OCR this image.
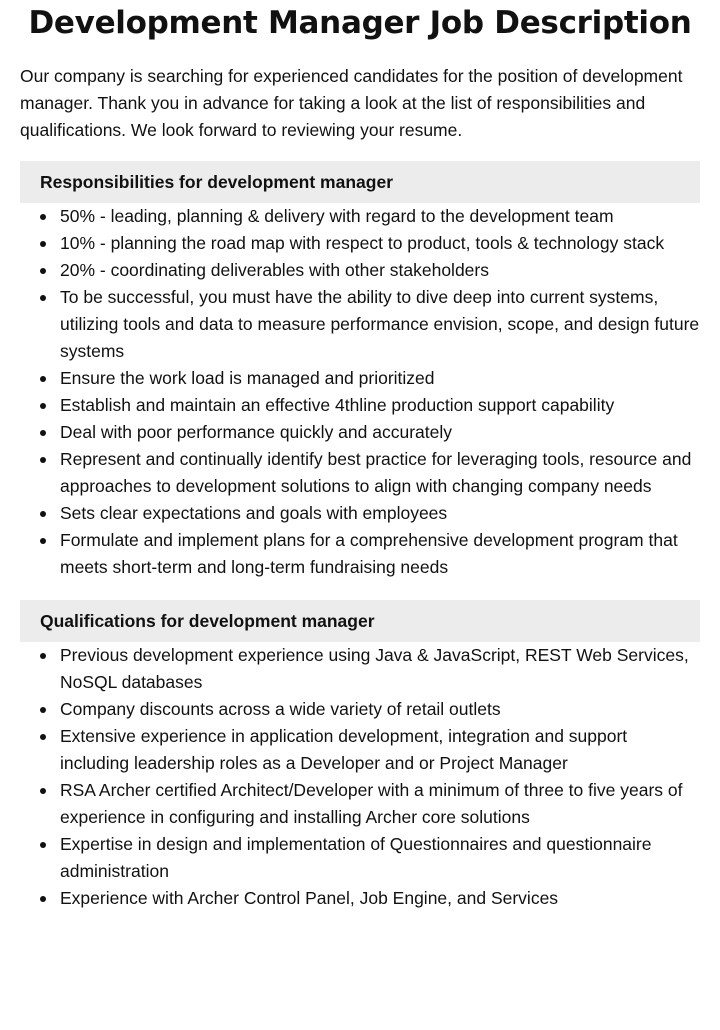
Development Manager Job Description

Our company is searching for experienced candidates for the position of development manager. Thank you in advance for taking a look at the list of responsibilities and qualifications. We look forward to reviewing your resume.

Responsibilities for development manager
50% - leading, planning & delivery with regard to the development team
10% - planning the road map with respect to product, tools & technology stack
20% - coordinating deliverables with other stakeholders
To be successful, you must have the ability to dive deep into current systems, utilizing tools and data to measure performance envision, scope, and design future systems
Ensure the work load is managed and prioritized
Establish and maintain an effective 4thline production support capability
Deal with poor performance quickly and accurately
Represent and continually identify best practice for leveraging tools, resource and approaches to development solutions to align with changing company needs
Sets clear expectations and goals with employees
Formulate and implement plans for a comprehensive development program that meets short-term and long-term fundraising needs
Qualifications for development manager
Previous development experience using Java & JavaScript, REST Web Services, NoSQL databases
Company discounts across a wide variety of retail outlets
Extensive experience in application development, integration and support including leadership roles as a Developer and or Project Manager
RSA Archer certified Architect/Developer with a minimum of three to five years of experience in configuring and installing Archer core solutions
Expertise in design and implementation of Questionnaires and questionnaire administration
Experience with Archer Control Panel, Job Engine, and Services
